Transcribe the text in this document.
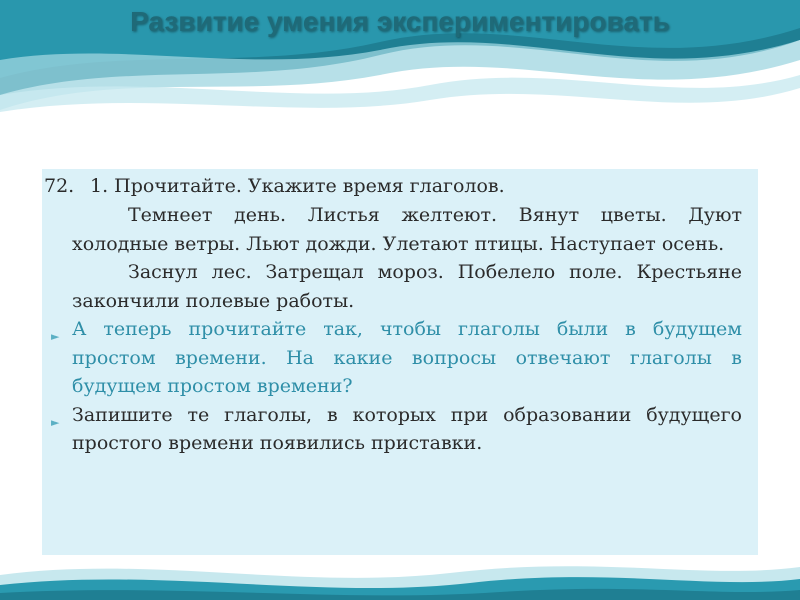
Развитие умения экспериментировать
72. 1. Прочитайте. Укажите время глаголов.

Темнеет день. Листья желтеют. Вянут цветы. Дуют холодные ветры. Льют дожди. Улетают птицы. Наступает осень.

Заснул лес. Затрещал мороз. Побелело поле. Крестьяне закончили полевые работы.

► А теперь прочитайте так, чтобы глаголы были в будущем простом времени. На какие вопросы отвечают глаголы в будущем простом времени?
► Запишите те глаголы, в которых при образовании будущего простого времени появились приставки.
